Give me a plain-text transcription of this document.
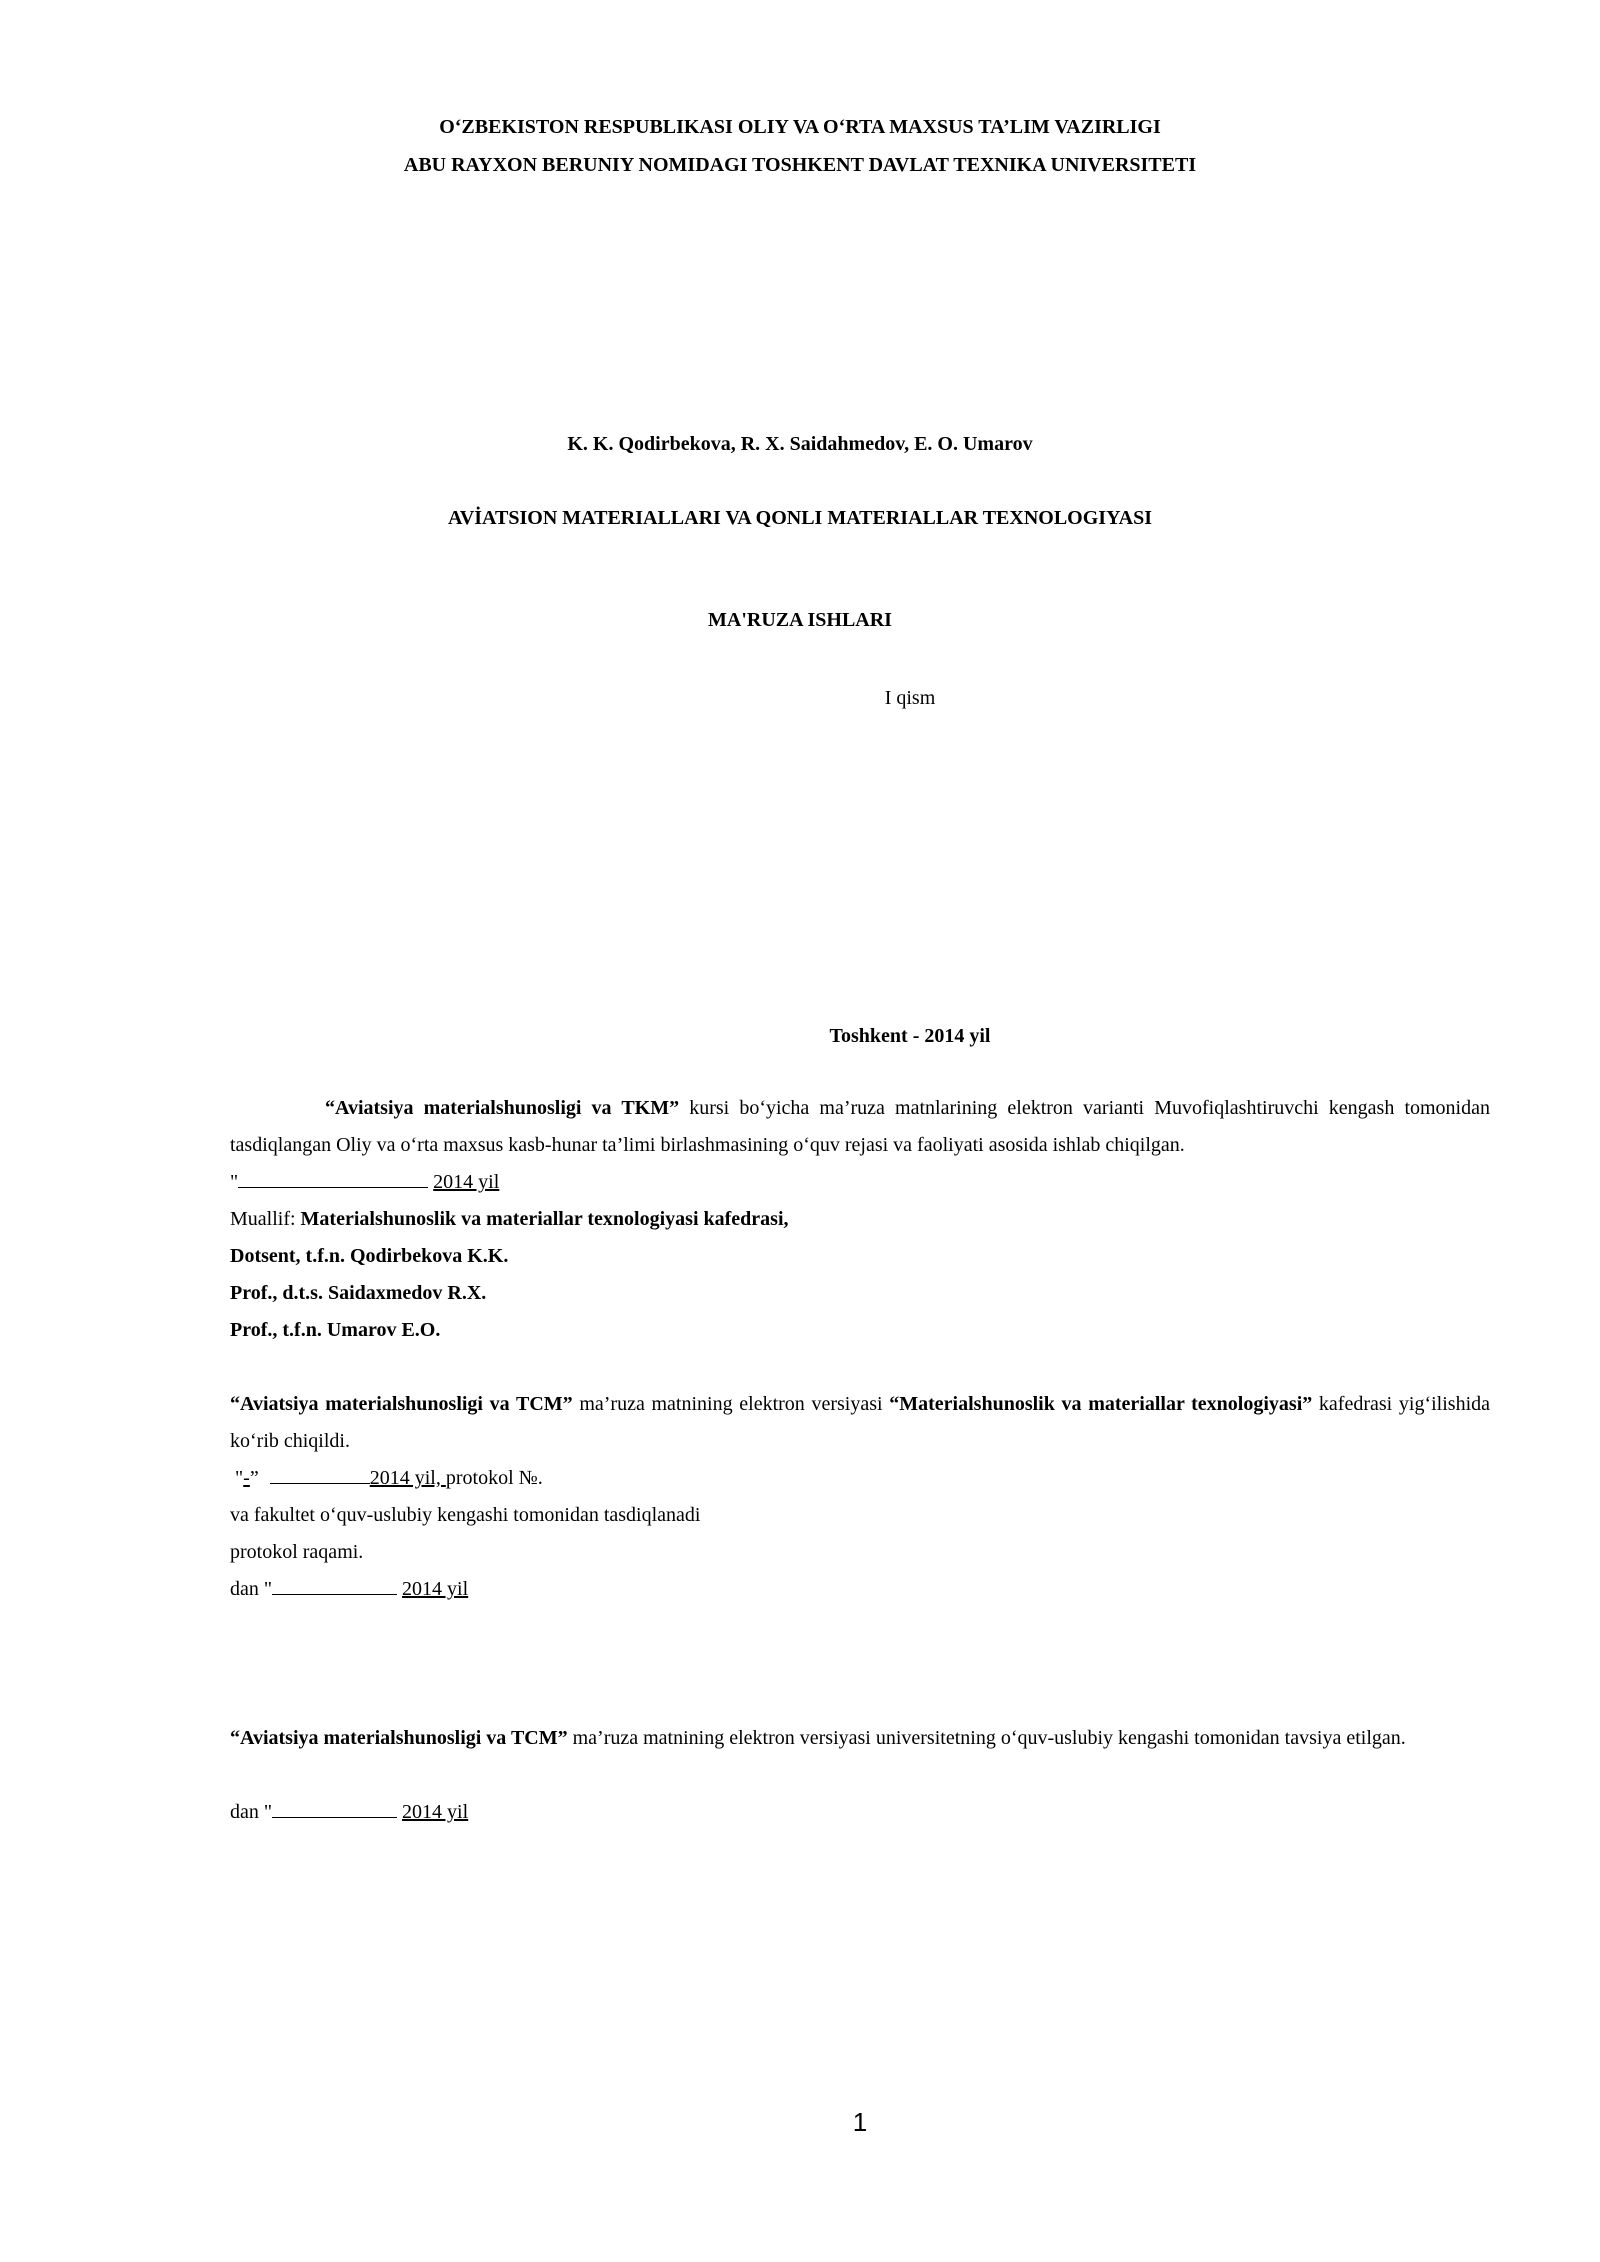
O‘ZBEKISTON RESPUBLIKASI OLIY VA O‘RTA MAXSUS TA’LIM VAZIRLIGI
ABU RAYXON BERUNIY NOMIDAGI TOSHKENT DAVLAT TEXNIKA UNIVERSITETI
K. K. Qodirbekova, R. X. Saidahmedov, E. O. Umarov
AVİATSION MATERIALLARI VA QONLI MATERIALLAR TEXNOLOGIYASI
MA'RUZA ISHLARI
I qism
Toshkent - 2014 yil
“Aviatsiya materialshunosligi va TKM” kursi bo‘yicha ma’ruza matnlarining elektron varianti Muvofiqlashtiruvchi kengash tomonidan tasdiqlangan Oliy va o‘rta maxsus kasb-hunar ta’limi birlashmasining o‘quv rejasi va faoliyati asosida ishlab chiqilgan.
"	2014 yil
Muallif: Materialshunoslik va materiallar texnologiyasi kafedrasi,
Dotsent, t.f.n. Qodirbekova K.K.
Prof., d.t.s. Saidaxmedov R.X.
Prof., t.f.n. Umarov E.O.
“Aviatsiya materialshunosligi va TCM” ma’ruza matnining elektron versiyasi “Materialshunoslik va materiallar texnologiyasi” kafedrasi yig‘ilishida ko‘rib chiqildi.
"-”	2014 yil, protokol №.
va fakultet o‘quv-uslubiy kengashi tomonidan tasdiqlanadi
protokol raqami.
dan "	2014 yil
“Aviatsiya materialshunosligi va TCM” ma’ruza matnining elektron versiyasi universitetning o‘quv-uslubiy kengashi tomonidan tavsiya etilgan.
dan "	2014 yil
1
